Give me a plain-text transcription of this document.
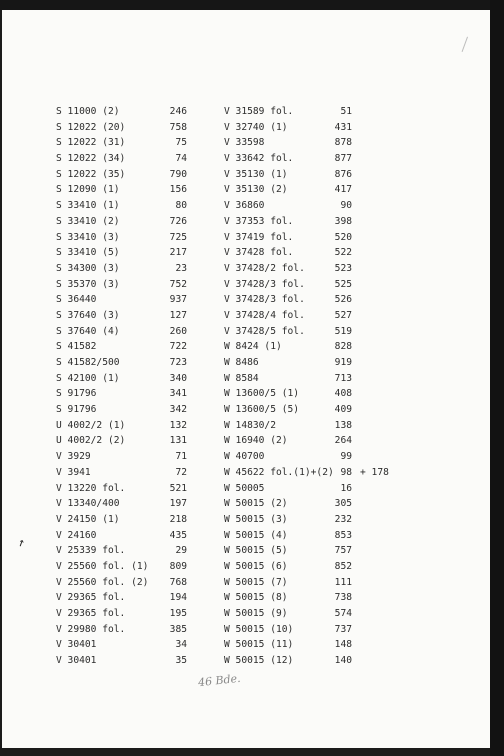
S 11000 (2)	246
S 12022 (20)	758
S 12022 (31)	75
S 12022 (34)	74
S 12022 (35)	790
S 12090 (1)	156
S 33410 (1)	80
S 33410 (2)	726
S 33410 (3)	725
S 33410 (5)	217
S 34300 (3)	23
S 35370 (3)	752
S 36440	937
S 37640 (3)	127
S 37640 (4)	260
S 41582	722
S 41582/500	723
S 42100 (1)	340
S 91796	341
S 91796	342
U 4002/2 (1)	132
U 4002/2 (2)	131
V 3929	71
V 3941	72
V 13220 fol.	521
V 13340/400	197
V 24150 (1)	218
V 24160	435
V 25339 fol.	29
V 25560 fol. (1)	809
V 25560 fol. (2)	768
V 29365 fol.	194
V 29365 fol.	195
V 29980 fol.	385
V 30401	34
V 30401	35
V 31589 fol.	51
V 32740 (1)	431
V 33598	878
V 33642 fol.	877
V 35130 (1)	876
V 35130 (2)	417
V 36860	90
V 37353 fol.	398
V 37419 fol.	520
V 37428 fol.	522
V 37428/2 fol.	523
V 37428/3 fol.	525
V 37428/3 fol.	526
V 37428/4 fol.	527
V 37428/5 fol.	519
W 8424 (1)	828
W 8486	919
W 8584	713
W 13600/5 (1)	408
W 13600/5 (5)	409
W 14830/2	138
W 16940 (2)	264
W 40700	99
W 45622 fol.(1)+(2) 98 + 178
W 50005	16
W 50015 (2)	305
W 50015 (3)	232
W 50015 (4)	853
W 50015 (5)	757
W 50015 (6)	852
W 50015 (7)	111
W 50015 (8)	738
W 50015 (9)	574
W 50015 (10)	737
W 50015 (11)	148
W 50015 (12)	140
↗
46 Bde.
